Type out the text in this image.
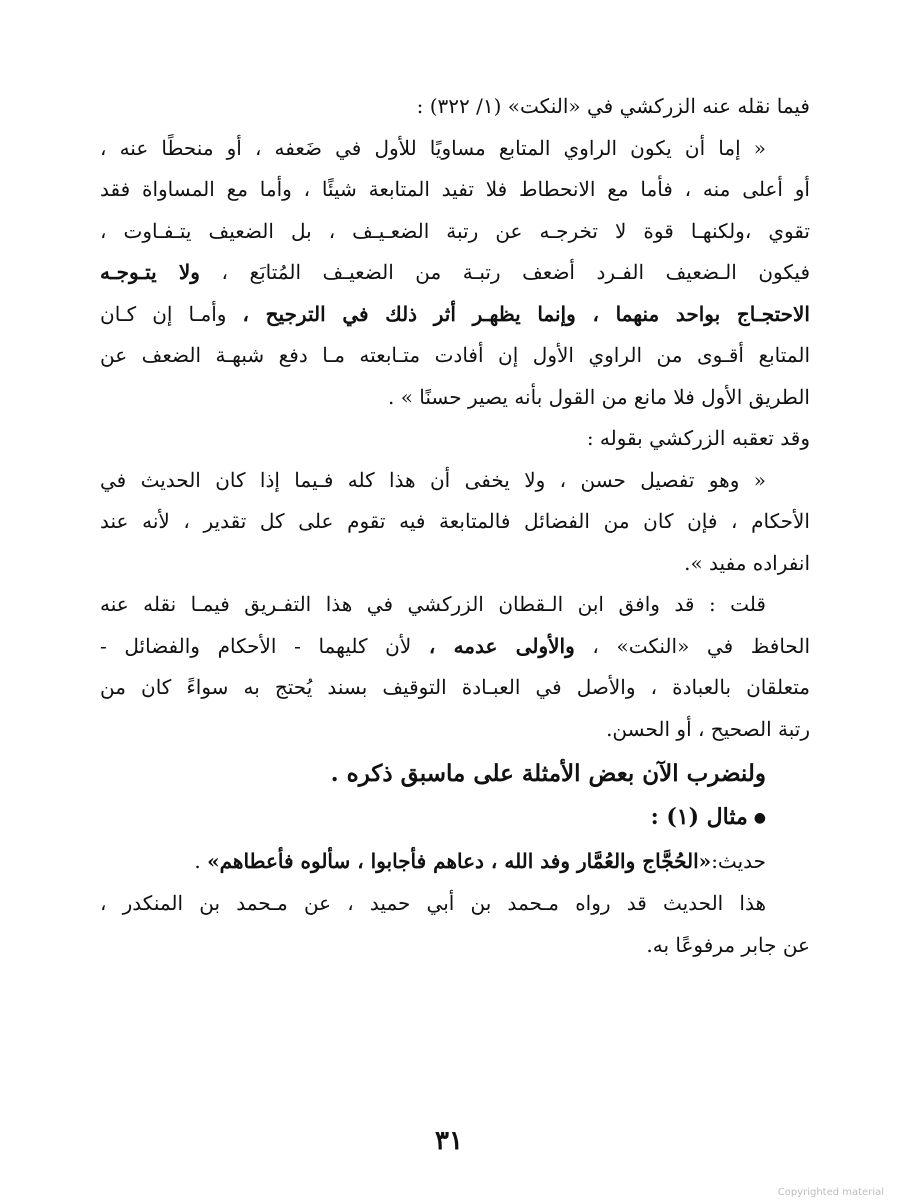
فيما نقله عنه الزركشي في «النكت» (١/ ٣٢٢) :
« إما أن يكون الراوي المتابع مساويًا للأول في ضَعفه ، أو منحطًا عنه ،
أو أعلى منه ، فأما مع الانحطاط فلا تفيد المتابعة شيئًا ، وأما مع المساواة فقد
تقوي ،ولكنهـا قوة لا تخرجـه عن رتبة الضعـيـف ، بل الضعيف يتـفـاوت ،
فيكون الـضعيف الفـرد أضعف رتبـة من الضعيـف المُتابَع ، ولا يتـوجـه
الاحتجـاج بواحد منهما ، وإنما يظهـر أثر ذلك في الترجيح ، وأمـا إن كـان
المتابع أقـوى من الراوي الأول إن أفادت متـابعته مـا دفع شبهـة الضعف عن
الطريق الأول فلا مانع من القول بأنه يصير حسنًا » .
وقد تعقبه الزركشي بقوله :
« وهو تفصيل حسن ، ولا يخفى أن هذا كله فـيما إذا كان الحديث في
الأحكام ، فإن كان من الفضائل فالمتابعة فيه تقوم على كل تقدير ، لأنه عند
انفراده مفيد ».
قلت : قد وافق ابن الـقطان الزركشي في هذا التفـريق فيمـا نقله عنه
الحافظ في «النكت» ، والأولى عدمه ، لأن كليهما - الأحكام والفضائل -
متعلقان بالعبادة ، والأصل في العبـادة التوقيف بسند يُحتج به سواءً كان من
رتبة الصحيح ، أو الحسن.
ولنضرب الآن بعض الأمثلة على ماسبق ذكره .
●مثال (١) :
حديث:«الحُجَّاج والعُمَّار وفد الله ، دعاهم فأجابوا ، سألوه فأعطاهم» .
هذا الحديث قد رواه مـحمد بن أبي حميد ، عن مـحمد بن المنكدر ،
عن جابر مرفوعًا به.
٣١
Copyrighted material
